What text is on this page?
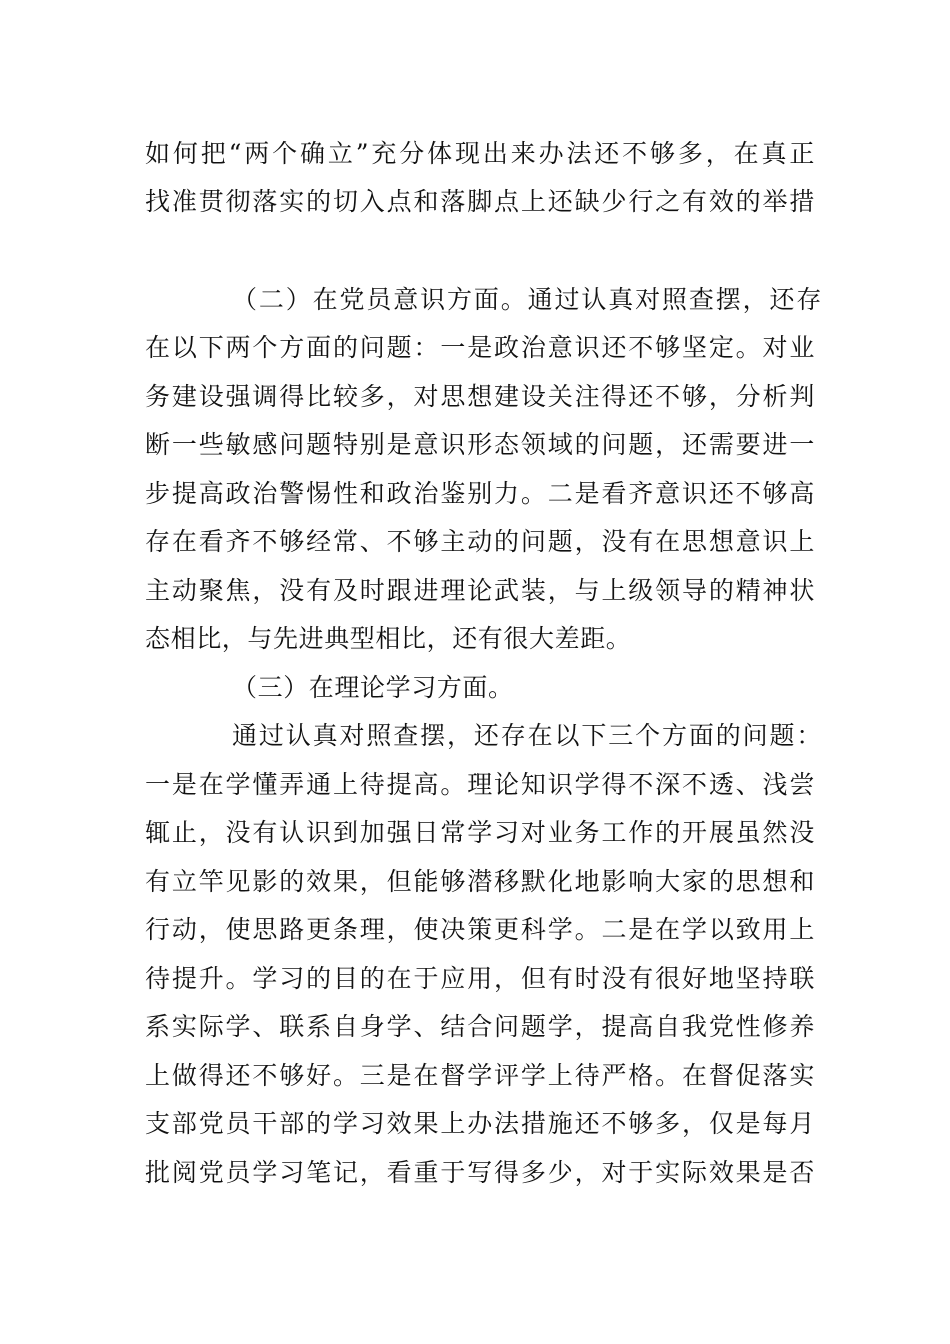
如何把“两个确立”充分体现出来办法还不够多，在真正
找准贯彻落实的切入点和落脚点上还缺少行之有效的举措
（二）在党员意识方面。通过认真对照查摆，还存
在以下两个方面的问题：一是政治意识还不够坚定。对业
务建设强调得比较多，对思想建设关注得还不够，分析判
断一些敏感问题特别是意识形态领域的问题，还需要进一
步提高政治警惕性和政治鉴别力。二是看齐意识还不够高
存在看齐不够经常、不够主动的问题，没有在思想意识上
主动聚焦，没有及时跟进理论武装，与上级领导的精神状
态相比，与先进典型相比，还有很大差距。
（三）在理论学习方面。
通过认真对照查摆，还存在以下三个方面的问题：
一是在学懂弄通上待提高。理论知识学得不深不透、浅尝
辄止，没有认识到加强日常学习对业务工作的开展虽然没
有立竿见影的效果，但能够潜移默化地影响大家的思想和
行动，使思路更条理，使决策更科学。二是在学以致用上
待提升。学习的目的在于应用，但有时没有很好地坚持联
系实际学、联系自身学、结合问题学，提高自我党性修养
上做得还不够好。三是在督学评学上待严格。在督促落实
支部党员干部的学习效果上办法措施还不够多，仅是每月
批阅党员学习笔记，看重于写得多少，对于实际效果是否
